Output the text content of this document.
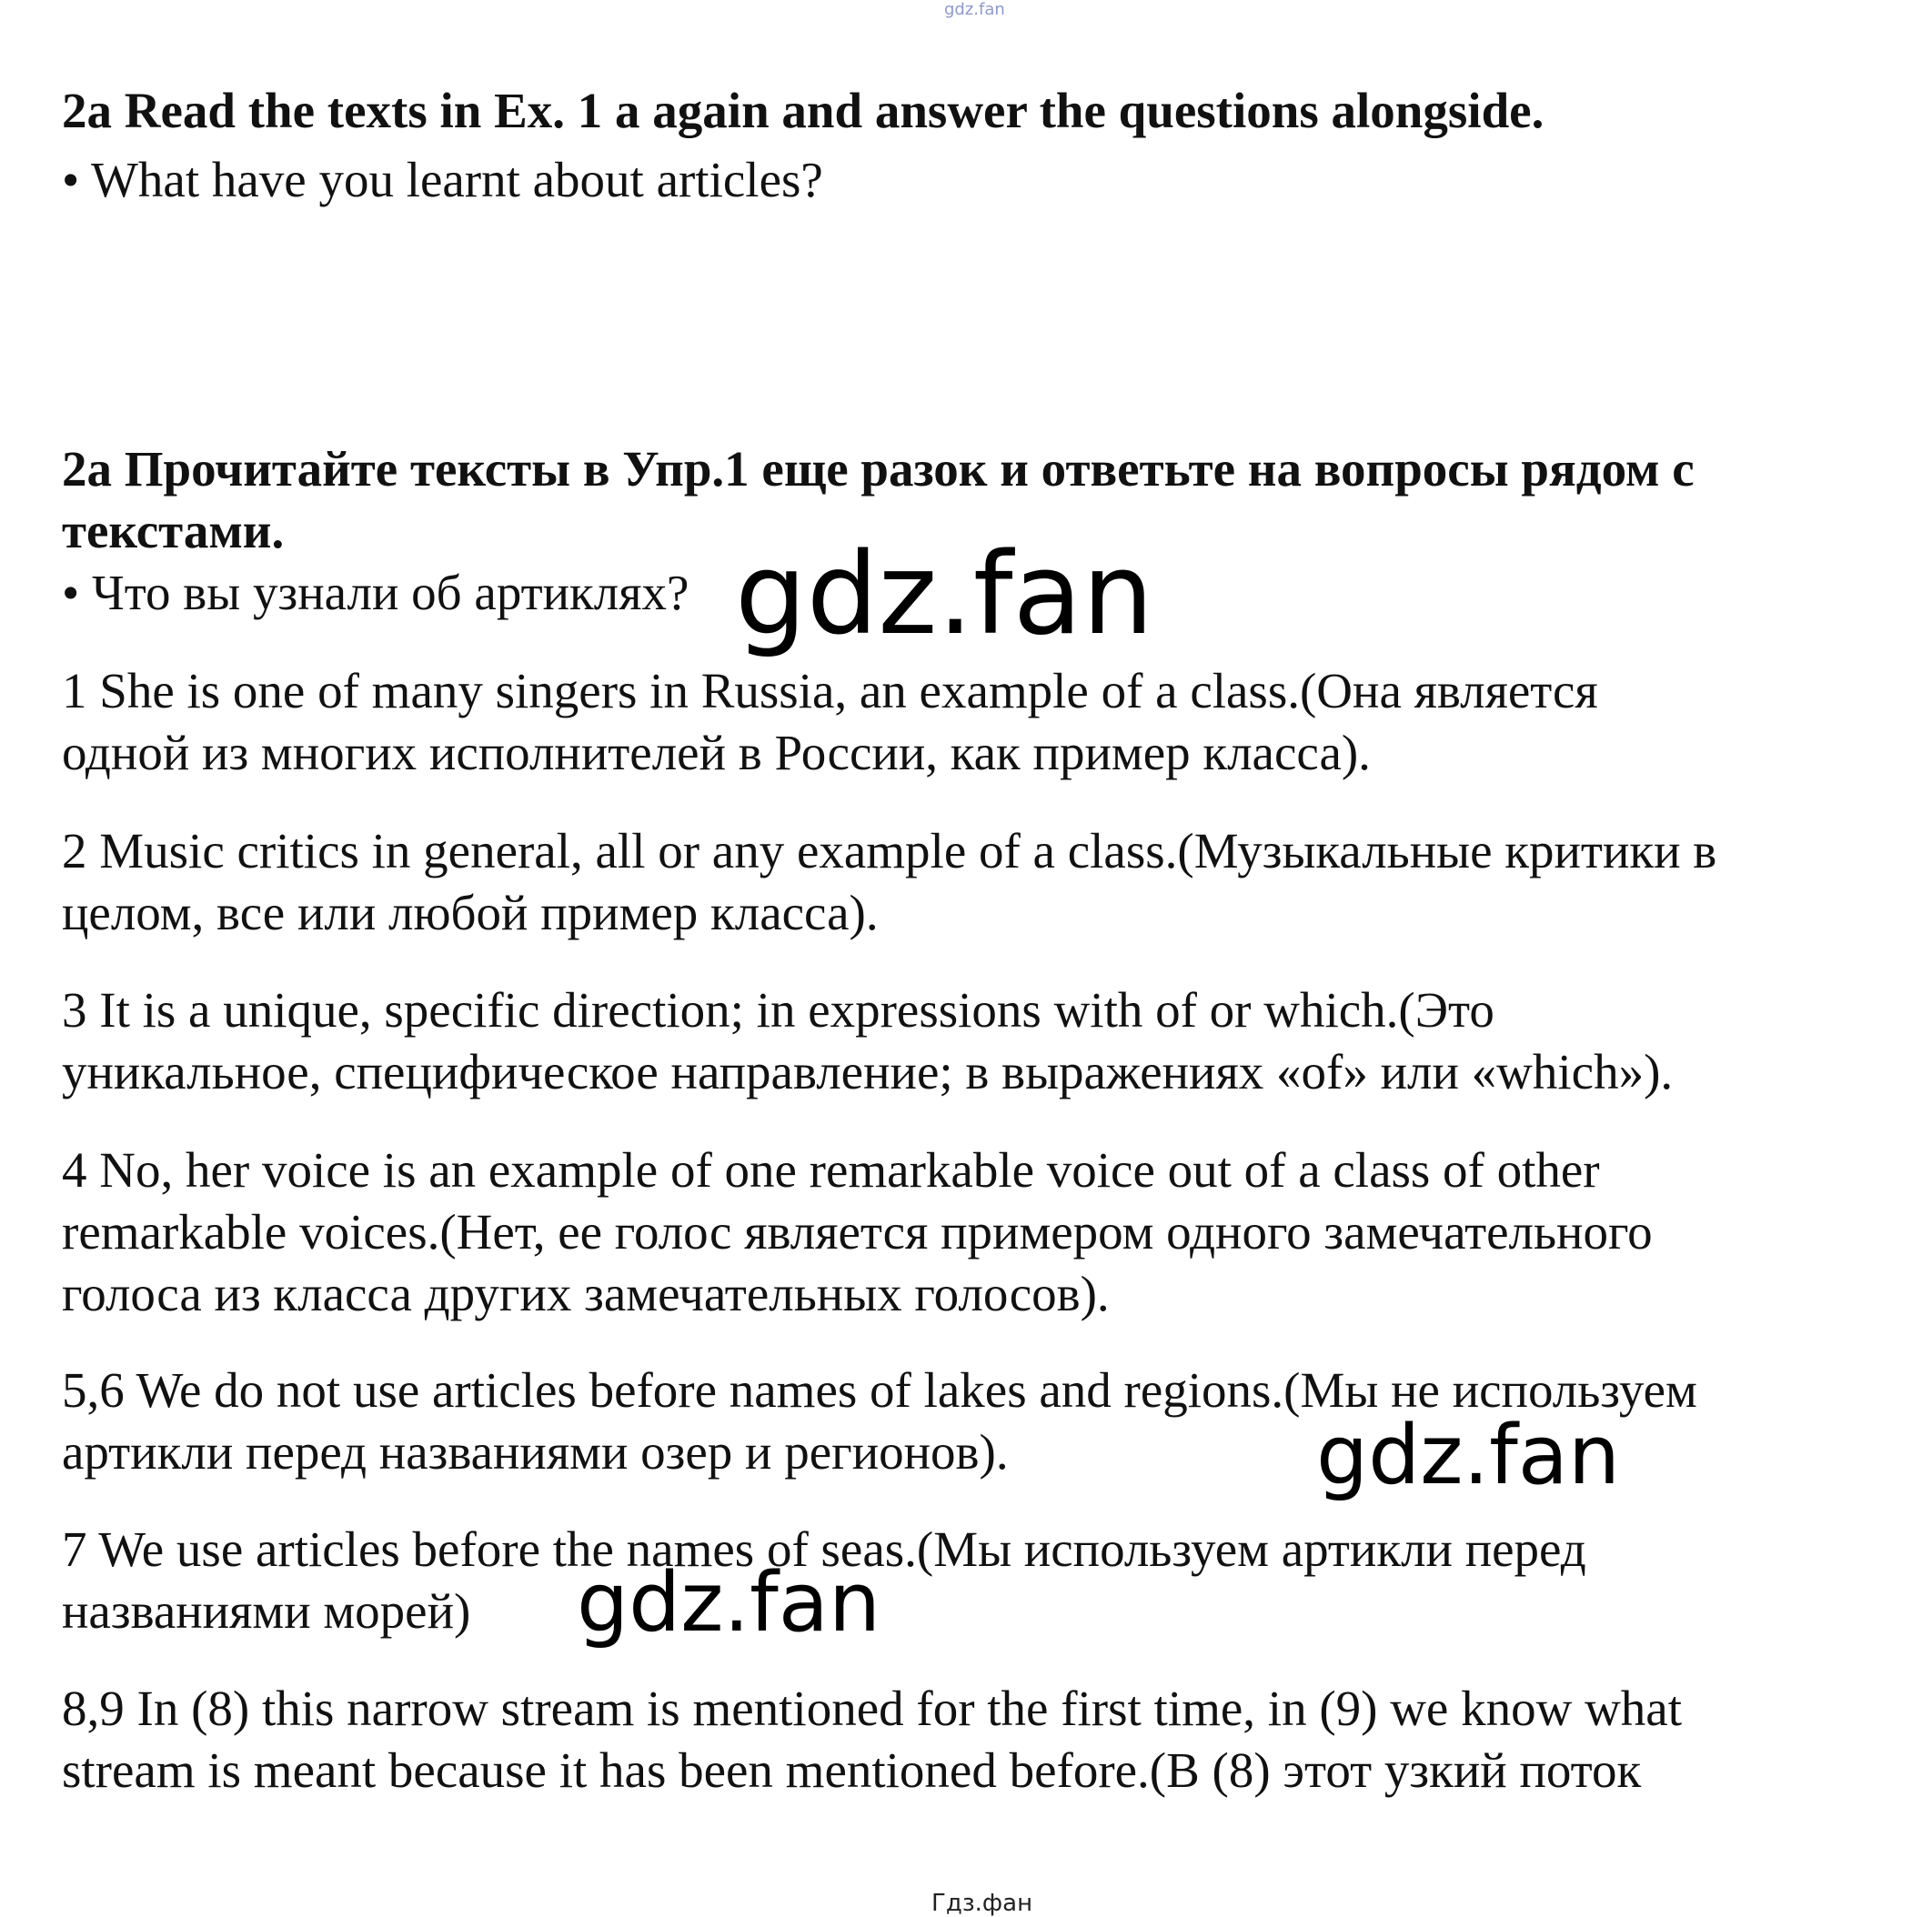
gdz.fan
2a Read the texts in Ex. 1 a again and answer the questions alongside.
• What have you learnt about articles?
2a Прочитайте тексты в Упр.1 еще разок и ответьте на вопросы рядом с
текстами.
• Что вы узнали об артиклях?
1 She is one of many singers in Russia, an example of a class.(Она является
одной из многих исполнителей в России, как пример класса).
2 Music critics in general, all or any example of a class.(Музыкальные критики в
целом, все или любой пример класса).
3 It is a unique, specific direction; in expressions with of or which.(Это
уникальное, специфическое направление; в выражениях «of» или «which»).
4 No, her voice is an example of one remarkable voice out of a class of other
remarkable voices.(Нет, ее голос является примером одного замечательного
голоса из класса других замечательных голосов).
5,6 We do not use articles before names of lakes and regions.(Мы не используем
артикли перед названиями озер и регионов).
7 We use articles before the names of seas.(Мы используем артикли перед
названиями морей)
8,9 In (8) this narrow stream is mentioned for the first time, in (9) we know what
stream is meant because it has been mentioned before.(В (8) этот узкий поток
gdz.fan
gdz.fan
gdz.fan
Гдз.фан
